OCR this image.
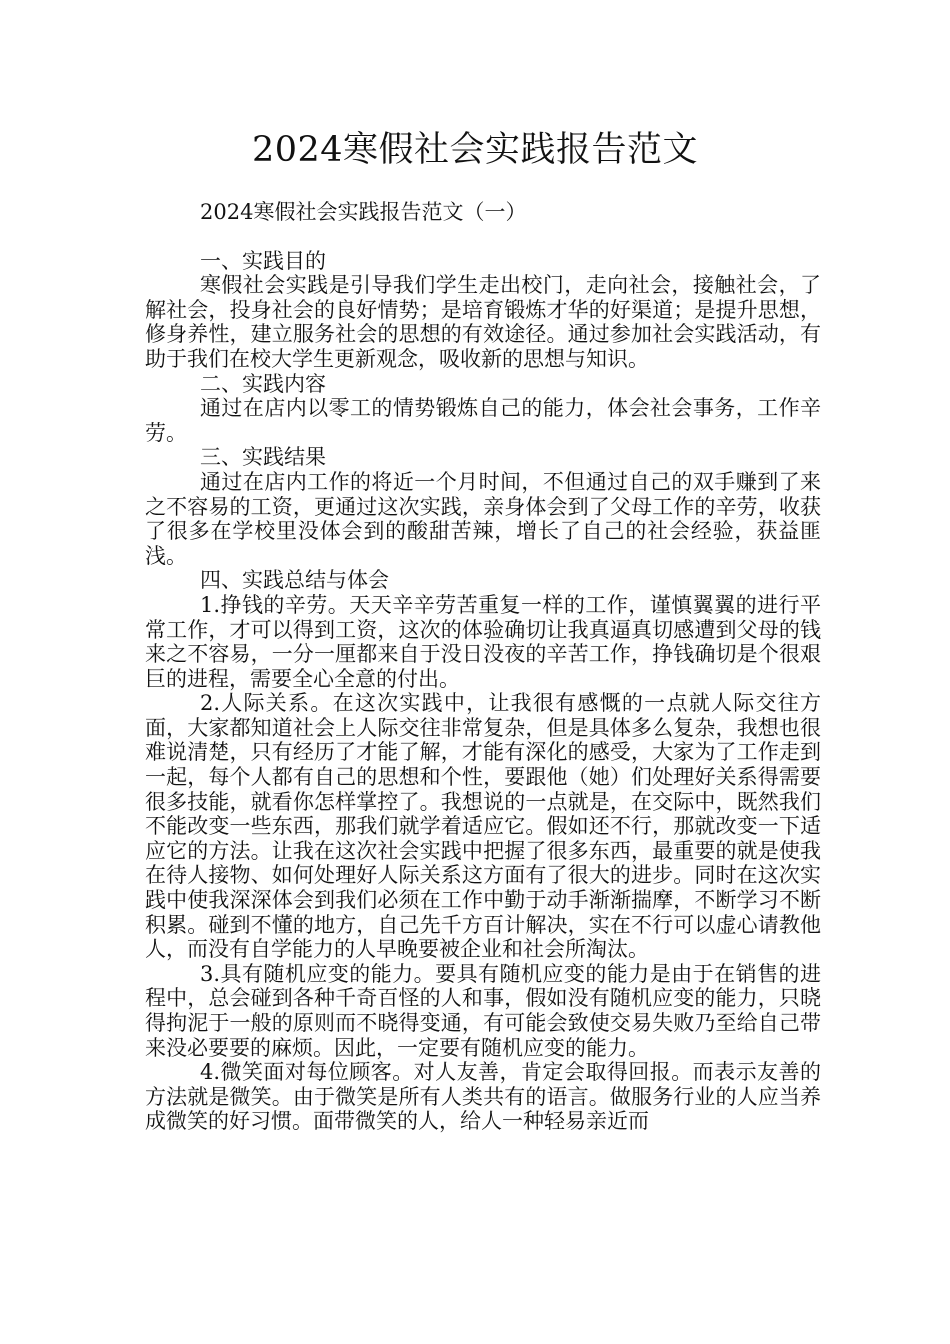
2024寒假社会实践报告范文

2024寒假社会实践报告范文（一）

一、实践目的

寒假社会实践是引导我们学生走出校门，走向社会，接触社会，了解社会，投身社会的良好情势；是培育锻炼才华的好渠道；是提升思想，修身养性，建立服务社会的思想的有效途径。通过参加社会实践活动，有助于我们在校大学生更新观念，吸收新的思想与知识。

二、实践内容

通过在店内以零工的情势锻炼自己的能力，体会社会事务，工作辛劳。

三、实践结果

通过在店内工作的将近一个月时间，不但通过自己的双手赚到了来之不容易的工资，更通过这次实践，亲身体会到了父母工作的辛劳，收获了很多在学校里没体会到的酸甜苦辣，增长了自己的社会经验，获益匪浅。

四、实践总结与体会

1.挣钱的辛劳。天天辛辛劳苦重复一样的工作，谨慎翼翼的进行平常工作，才可以得到工资，这次的体验确切让我真逼真切感遭到父母的钱来之不容易，一分一厘都来自于没日没夜的辛苦工作，挣钱确切是个很艰巨的进程，需要全心全意的付出。

2.人际关系。在这次实践中，让我很有感慨的一点就人际交往方面，大家都知道社会上人际交往非常复杂，但是具体多么复杂，我想也很难说清楚，只有经历了才能了解，才能有深化的感受，大家为了工作走到一起，每个人都有自己的思想和个性，要跟他（她）们处理好关系得需要很多技能，就看你怎样掌控了。我想说的一点就是，在交际中，既然我们不能改变一些东西，那我们就学着适应它。假如还不行，那就改变一下适应它的方法。让我在这次社会实践中把握了很多东西，最重要的就是使我在待人接物、如何处理好人际关系这方面有了很大的进步。同时在这次实践中使我深深体会到我们必须在工作中勤于动手渐渐揣摩，不断学习不断积累。碰到不懂的地方，自己先千方百计解决，实在不行可以虚心请教他人，而没有自学能力的人早晚要被企业和社会所淘汰。

3.具有随机应变的能力。要具有随机应变的能力是由于在销售的进程中，总会碰到各种千奇百怪的人和事，假如没有随机应变的能力，只晓得拘泥于一般的原则而不晓得变通，有可能会致使交易失败乃至给自己带来没必要要的麻烦。因此，一定要有随机应变的能力。

4.微笑面对每位顾客。对人友善，肯定会取得回报。而表示友善的方法就是微笑。由于微笑是所有人类共有的语言。做服务行业的人应当养成微笑的好习惯。面带微笑的人，给人一种轻易亲近而
